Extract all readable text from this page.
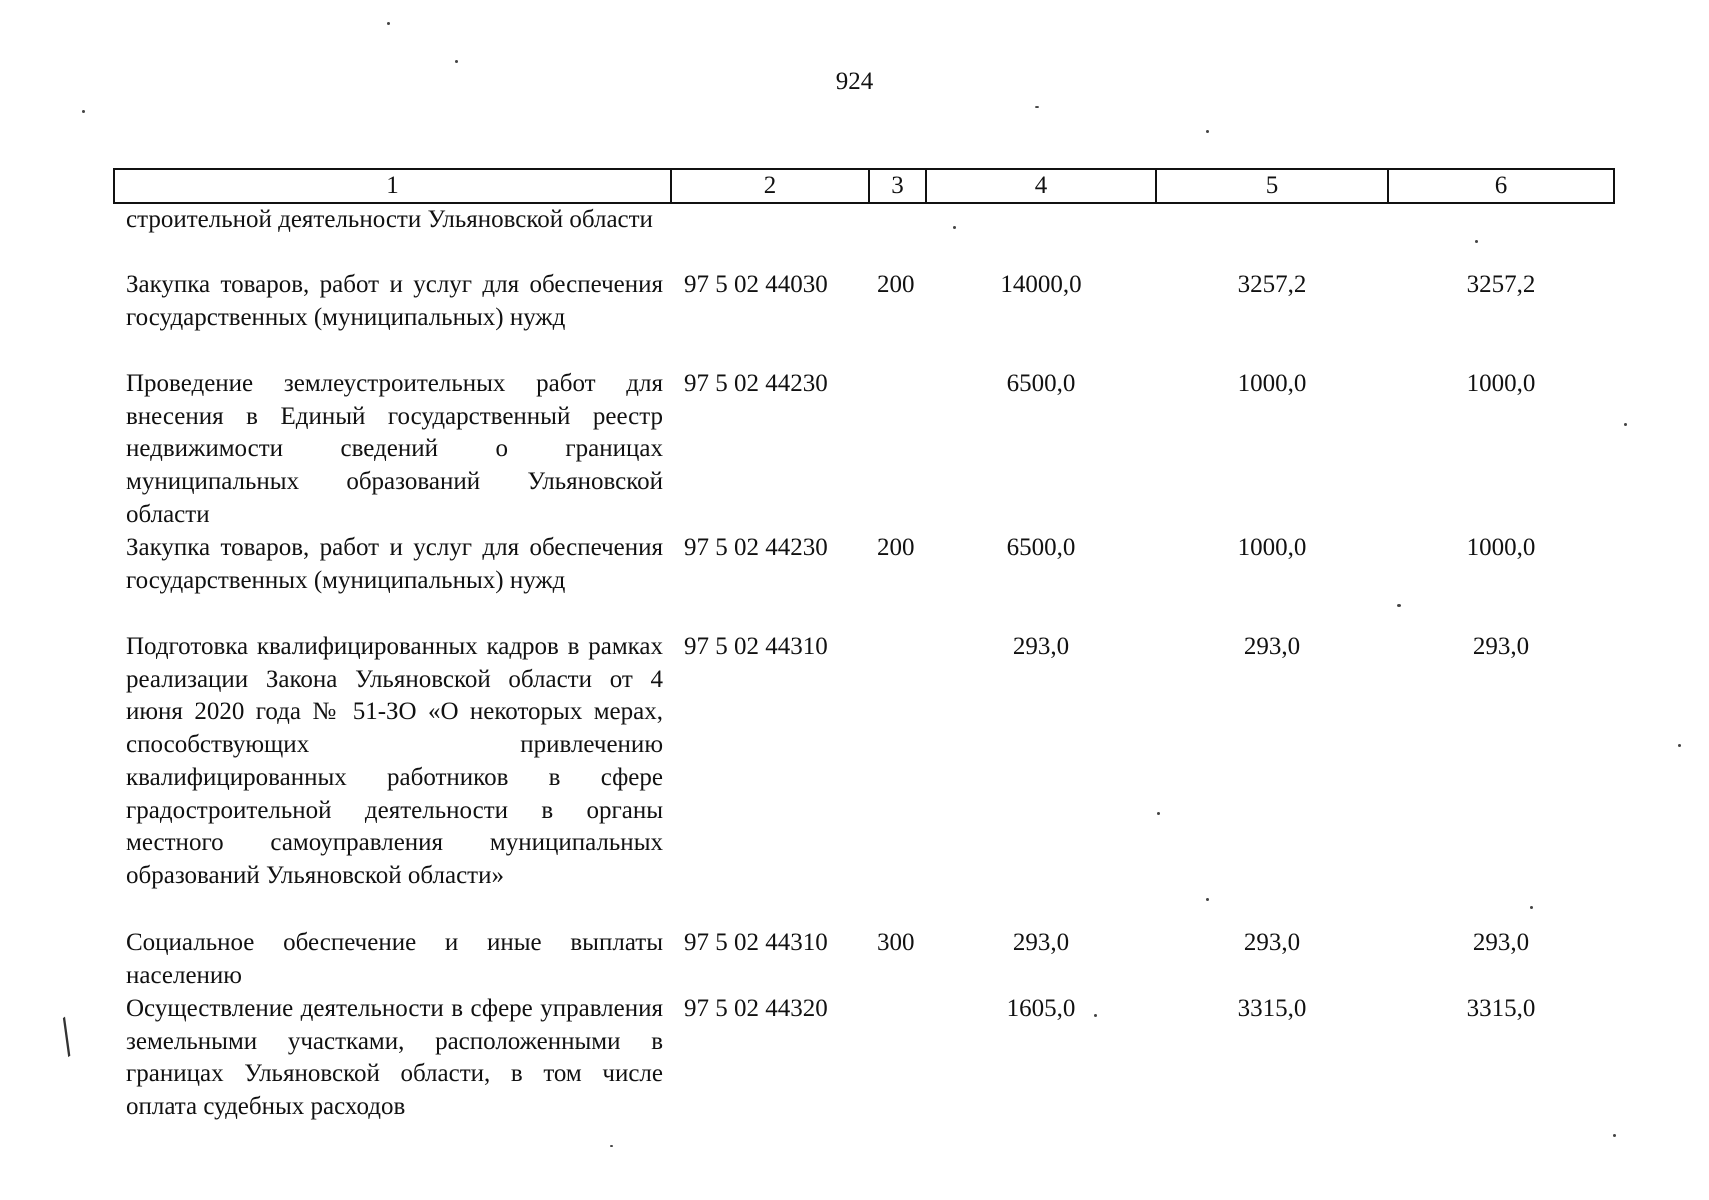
924
1	2	3	4	5	6
строительной деятельности Ульяновской области					
Закупка товаров, работ и услуг для обеспечения государственных (муниципальных) нужд	97 5 02 44030	200	14000,0	3257,2	3257,2
Проведение землеустроительных работ для внесения в Единый государственный реестр недвижимости сведений о границах муниципальных образований Ульяновской области	97 5 02 44230		6500,0	1000,0	1000,0
Закупка товаров, работ и услуг для обеспечения государственных (муниципальных) нужд	97 5 02 44230	200	6500,0	1000,0	1000,0
Подготовка квалифицированных кадров в рамках реализации Закона Ульяновской области от 4 июня 2020 года № 51-ЗО «О некоторых мерах, способствующих привлечению квалифицированных работников в сфере градостроительной деятельности в органы местного самоуправления муниципальных образований Ульяновской области»	97 5 02 44310		293,0	293,0	293,0
Социальное обеспечение и иные выплаты населению	97 5 02 44310	300	293,0	293,0	293,0
Осуществление деятельности в сфере управления земельными участками, расположенными в границах Ульяновской области, в том числе оплата судебных расходов	97 5 02 44320		1605,0	3315,0	3315,0
╱
